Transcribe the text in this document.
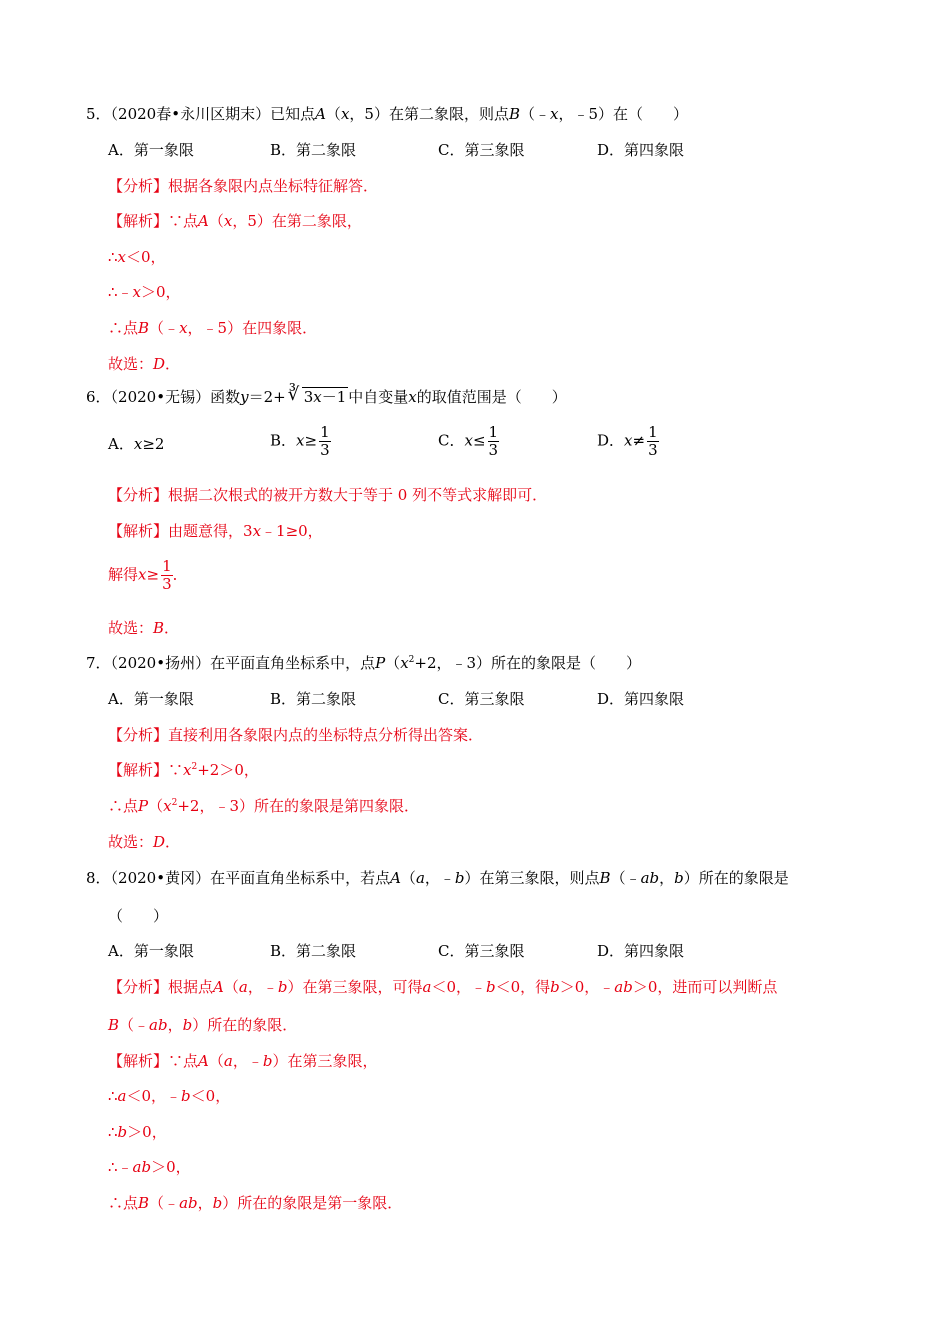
5．（2020春•永川区期末）已知点A（x，5）在第二象限，则点B（﹣x，﹣5）在（　　）
A．第一象限	B．第二象限	C．第三象限	D．第四象限
【分析】根据各象限内点坐标特征解答．
【解析】∵点A（x，5）在第二象限，
∴x＜0，
∴﹣x＞0，
∴点B（﹣x，﹣5）在四象限．
故选：D．
6．（2020•无锡）函数y＝2+ ∛ 3x－1 中自变量x的取值范围是（　　）
A．x≥2	B．$x\ge \frac{1}{3}$	C．$x\le \frac{1}{3}$	D．$x\ne \frac{1}{3}$
【分析】根据二次根式的被开方数大于等于 0 列不等式求解即可．
【解析】由题意得，3x﹣1≥0，
解得$x\ge \frac{1}{3}$ ．
故选：B．
7．（2020•扬州）在平面直角坐标系中，点$P(x^2+2$，﹣3）所在的象限是（　　）
A．第一象限	B．第二象限	C．第三象限	D．第四象限
【分析】直接利用各象限内点的坐标特点分析得出答案．
【解析】$\because x^2+2>0$，
∴点$P(x^2+2$，﹣3）所在的象限是第四象限．
故选：D．
8．（2020•黄冈）在平面直角坐标系中，若点A（a，﹣b）在第三象限，则点B（﹣ab，b）所在的象限是
（　　）
A．第一象限	B．第二象限	C．第三象限	D．第四象限
【分析】根据点A（a，﹣b）在第三象限，可得a＜0，﹣b＜0，得b＞0，﹣ab＞0，进而可以判断点
B（﹣ab，b）所在的象限．
【解析】∵点A（a，﹣b）在第三象限，
∴a＜0，﹣b＜0，
∴b＞0，
∴﹣ab＞0，
∴点B（﹣ab，b）所在的象限是第一象限．
